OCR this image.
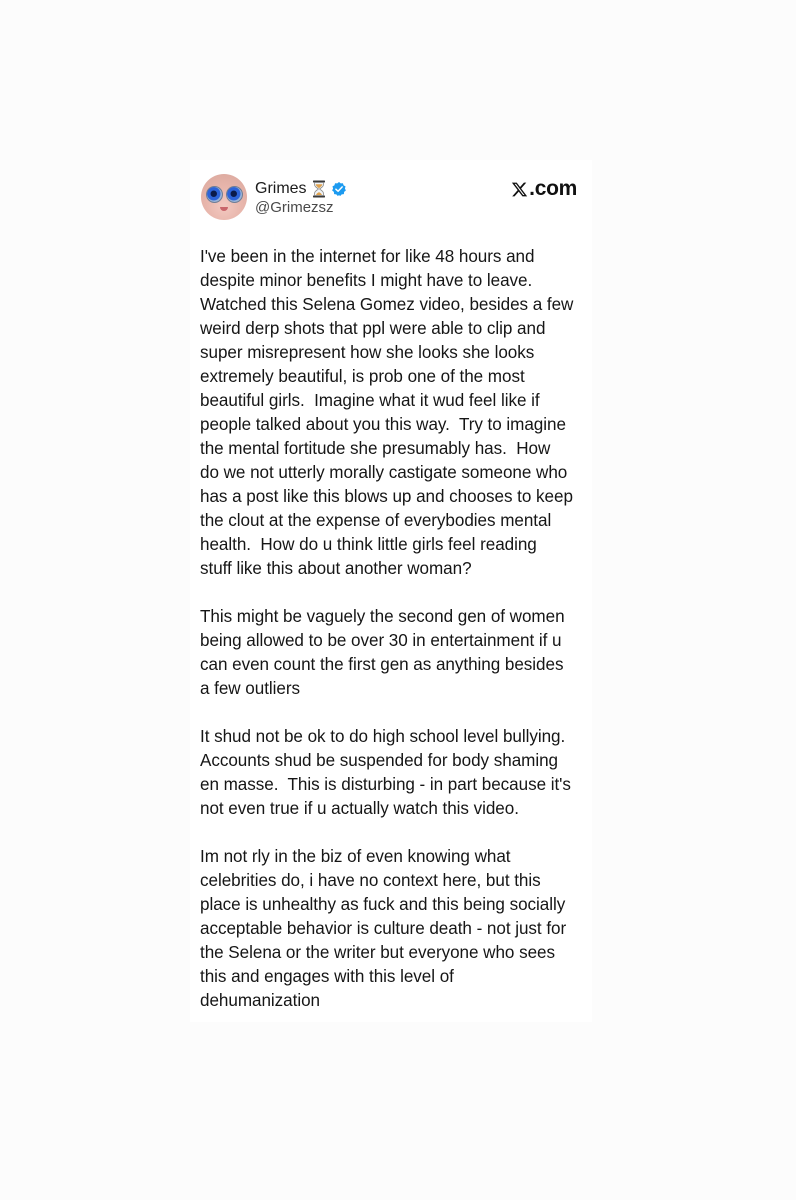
Grimes
@Grimezsz
.com
I've been in the internet for like 48 hours and
despite minor benefits I might have to leave.
Watched this Selena Gomez video, besides a few
weird derp shots that ppl were able to clip and
super misrepresent how she looks she looks
extremely beautiful, is prob one of the most
beautiful girls.  Imagine what it wud feel like if
people talked about you this way.  Try to imagine
the mental fortitude she presumably has.  How
do we not utterly morally castigate someone who
has a post like this blows up and chooses to keep
the clout at the expense of everybodies mental
health.  How do u think little girls feel reading
stuff like this about another woman?
This might be vaguely the second gen of women
being allowed to be over 30 in entertainment if u
can even count the first gen as anything besides
a few outliers
It shud not be ok to do high school level bullying.
Accounts shud be suspended for body shaming
en masse.  This is disturbing - in part because it's
not even true if u actually watch this video.
Im not rly in the biz of even knowing what
celebrities do, i have no context here, but this
place is unhealthy as fuck and this being socially
acceptable behavior is culture death - not just for
the Selena or the writer but everyone who sees
this and engages with this level of
dehumanization
